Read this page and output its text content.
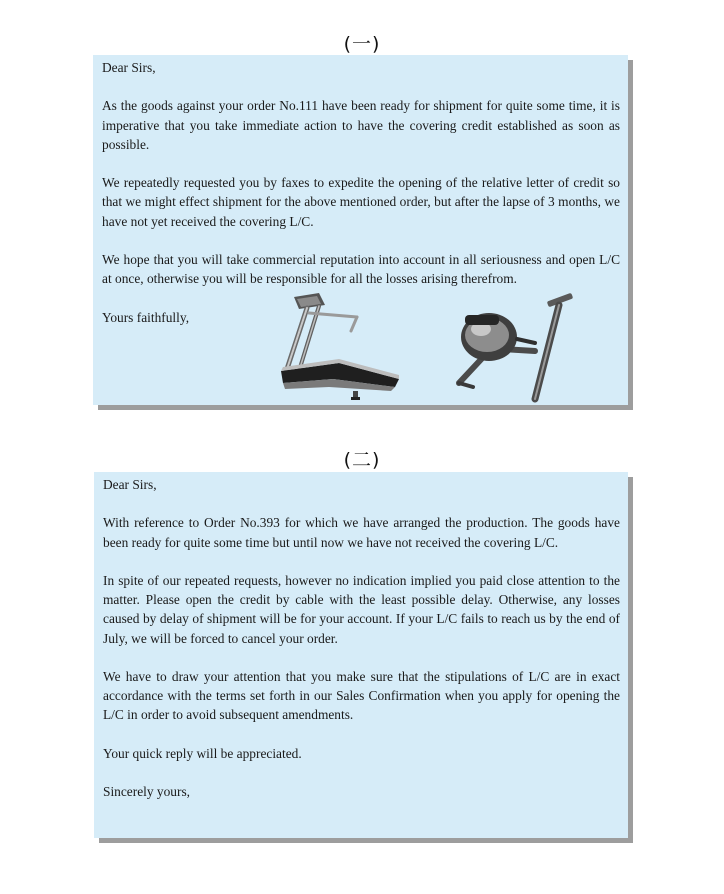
(一)

Dear Sirs,

As the goods against your order No.111 have been ready for shipment for quite some time, it is imperative that you take immediate action to have the covering credit established as soon as possible.

We repeatedly requested you by faxes to expedite the opening of the relative letter of credit so that we might effect shipment for the above mentioned order, but after the lapse of 3 months, we have not yet received the covering L/C.

We hope that you will take commercial reputation into account in all seriousness and open L/C at once, otherwise you will be responsible for all the losses arising therefrom.

Yours faithfully,

(二)

Dear Sirs,

With reference to Order No.393 for which we have arranged the production. The goods have been ready for quite some time but until now we have not received the covering L/C.

In spite of our repeated requests, however no indication implied you paid close attention to the matter. Please open the credit by cable with the least possible delay. Otherwise, any losses caused by delay of shipment will be for your account. If your L/C fails to reach us by the end of July, we will be forced to cancel your order.

We have to draw your attention that you make sure that the stipulations of L/C are in exact accordance with the terms set forth in our Sales Confirmation when you apply for opening the L/C in order to avoid subsequent amendments.

Your quick reply will be appreciated.

Sincerely yours,
